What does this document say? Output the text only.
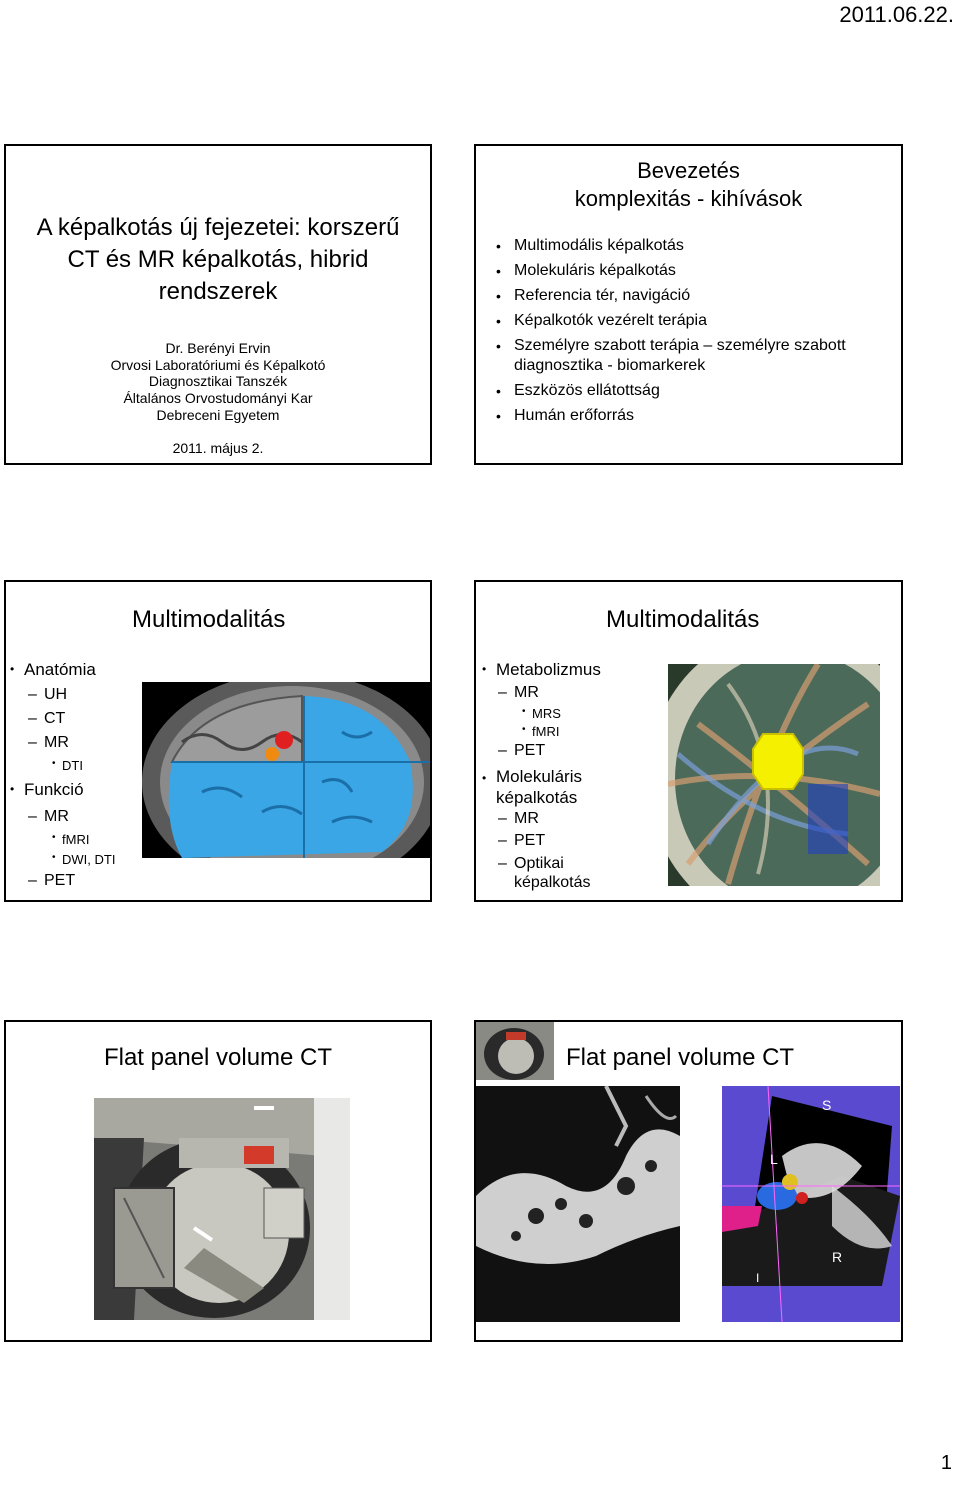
2011.06.22.
A képalkotás új fejezetei: korszerű CT és MR képalkotás, hibrid rendszerek
Dr. Berényi Ervin
Orvosi Laboratóriumi és Képalkotó
Diagnosztikai Tanszék
Általános Orvostudományi Kar
Debreceni Egyetem
2011. május 2.
Bevezetés
komplexitás - kihívások
• Multimodális képalkotás
• Molekuláris képalkotás
• Referencia tér, navigáció
• Képalkotók vezérelt terápia
• Személyre szabott terápia – személyre szabott diagnosztika - biomarkerek
• Eszközös ellátottság
• Humán erőforrás
Multimodalitás
• Anatómia
– UH
– CT
– MR
• DTI
• Funkció
– MR
• fMRI
• DWI, DTI
– PET
Multimodalitás
• Metabolizmus
– MR
• MRS
• fMRI
– PET
• Molekuláris képalkotás
– MR
– PET
– Optikai képalkotás
Flat panel volume CT	Flat panel volume CT
S
L
P
R
I
1
